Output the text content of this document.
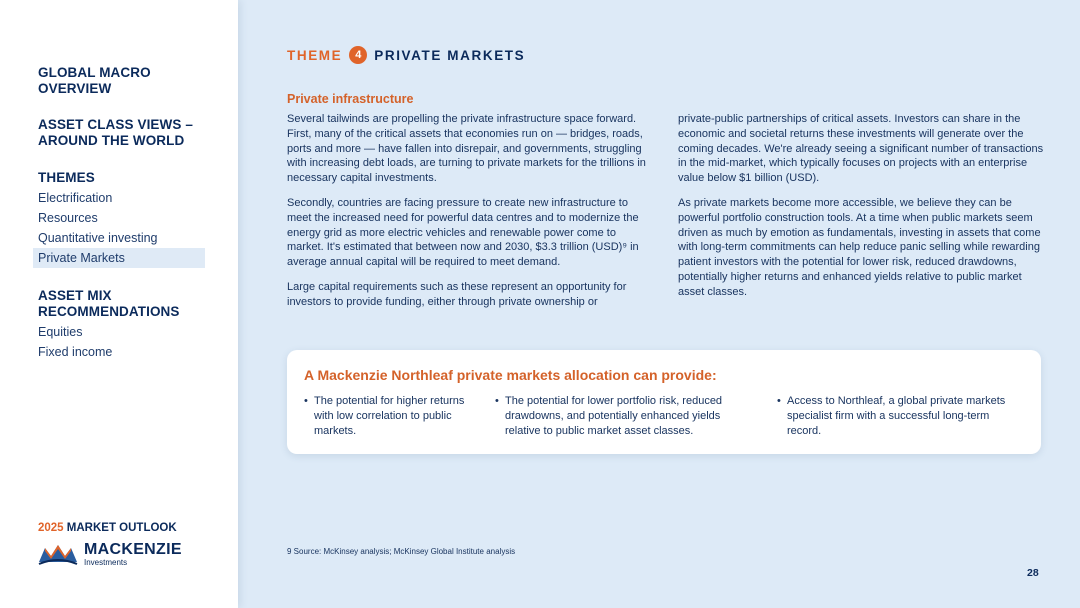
GLOBAL MACRO OVERVIEW
ASSET CLASS VIEWS – AROUND THE WORLD
THEMES
Electrification
Resources
Quantitative investing
Private Markets
ASSET MIX RECOMMENDATIONS
Equities
Fixed income
2025 MARKET OUTLOOK
MACKENZIE
Investments
THEME	4 PRIVATE MARKETS
Private infrastructure

Several tailwinds are propelling the private infrastructure space forward. First, many of the critical assets that economies run on — bridges, roads, ports and more — have fallen into disrepair, and governments, struggling with increasing debt loads, are turning to private markets for the trillions in necessary capital investments.

Secondly, countries are facing pressure to create new infrastructure to meet the increased need for powerful data centres and to modernize the energy grid as more electric vehicles and renewable power come to market. It's estimated that between now and 2030, $3.3 trillion (USD)⁹ in average annual capital will be required to meet demand.

Large capital requirements such as these represent an opportunity for investors to provide funding, either through private ownership or

private-public partnerships of critical assets. Investors can share in the economic and societal returns these investments will generate over the coming decades. We're already seeing a significant number of transactions in the mid-market, which typically focuses on projects with an enterprise value below $1 billion (USD).

As private markets become more accessible, we believe they can be powerful portfolio construction tools. At a time when public markets seem driven as much by emotion as fundamentals, investing in assets that come with long-term commitments can help reduce panic selling while rewarding patient investors with the potential for lower risk, reduced drawdowns, potentially higher returns and enhanced yields relative to public market asset classes.

A Mackenzie Northleaf private markets allocation can provide:
• The potential for higher returns with low correlation to public markets.
• The potential for lower portfolio risk, reduced drawdowns, and potentially enhanced yields relative to public market asset classes.
• Access to Northleaf, a global private markets specialist firm with a successful long-term record.
9 Source: McKinsey analysis; McKinsey Global Institute analysis
28
